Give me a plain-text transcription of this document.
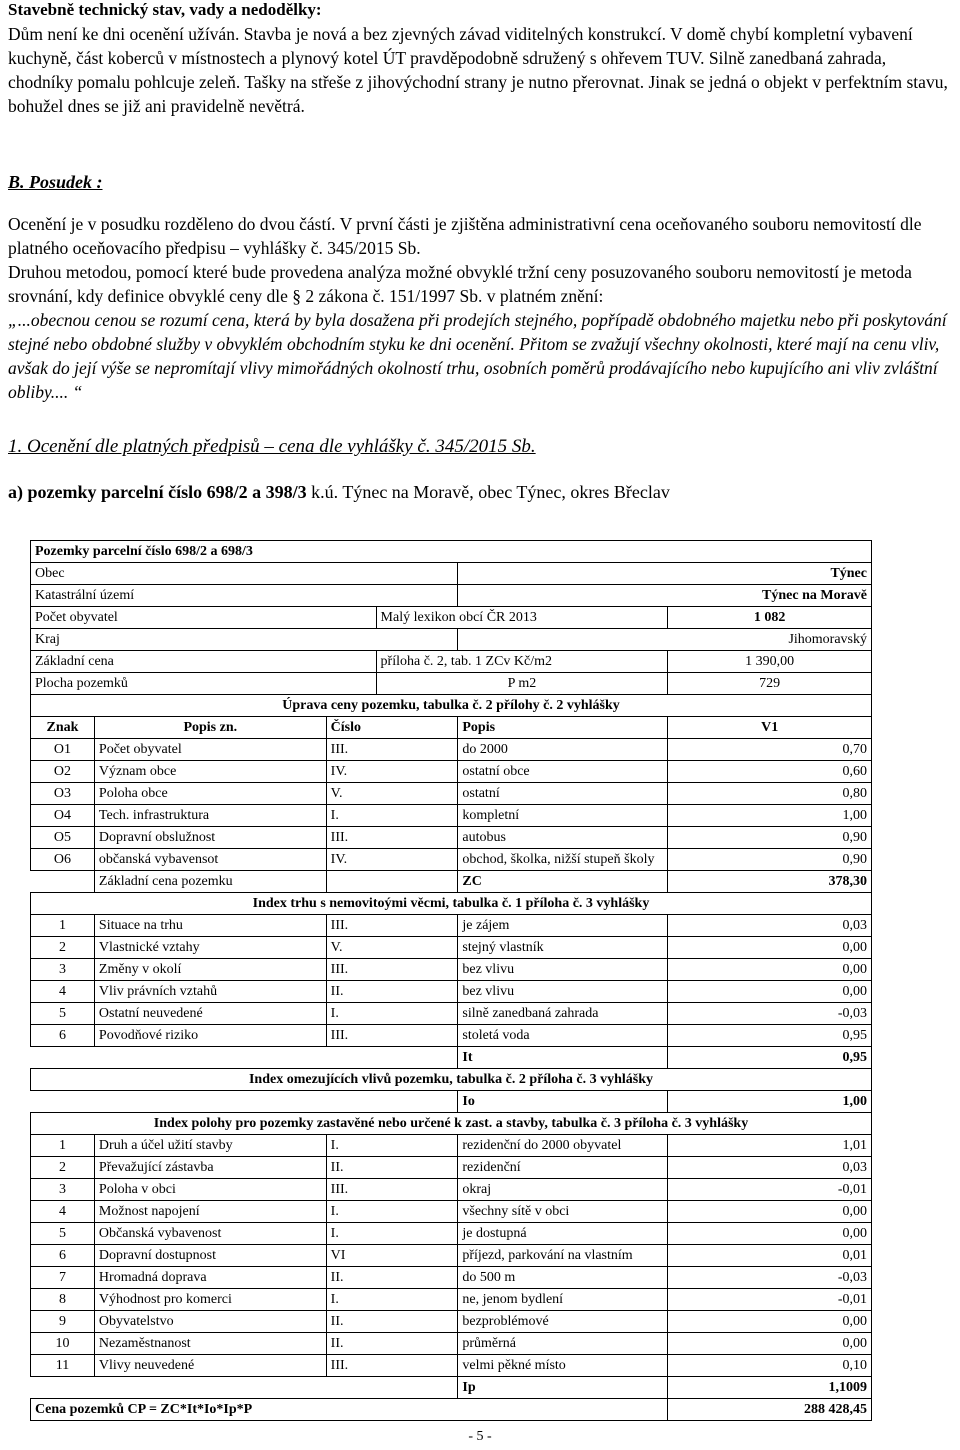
Stavebně technický stav, vady a nedodělky:
Dům není ke dni ocenění užíván. Stavba je nová a bez zjevných závad viditelných konstrukcí. V domě chybí kompletní vybavení kuchyně, část koberců v místnostech a plynový kotel ÚT pravděpodobně sdružený s ohřevem TUV. Silně zanedbaná zahrada, chodníky pomalu pohlcuje zeleň. Tašky na střeše z jihovýchodní strany je nutno přerovnat. Jinak se jedná o objekt v perfektním stavu, bohužel dnes se již ani pravidelně nevětrá.
B. Posudek :
Ocenění je v posudku rozděleno do dvou částí. V první části je zjištěna administrativní cena oceňovaného souboru nemovitostí dle platného oceňovacího předpisu – vyhlášky č. 345/2015 Sb.
Druhou metodou, pomocí které bude provedena analýza možné obvyklé tržní ceny posuzovaného souboru nemovitostí je metoda srovnání, kdy definice obvyklé ceny dle § 2 zákona č. 151/1997 Sb. v platném znění:
„...obecnou cenou se rozumí cena, která by byla dosažena při prodejích stejného, popřípadě obdobného majetku nebo při poskytování stejné nebo obdobné služby v obvyklém obchodním styku ke dni ocenění. Přitom se zvažují všechny okolnosti, které mají na cenu vliv, avšak do její výše se nepromítají vlivy mimořádných okolností trhu, osobních poměrů prodávajícího nebo kupujícího ani vliv zvláštní obliby.... “
1. Ocenění dle platných předpisů – cena dle vyhlášky č. 345/2015 Sb.
a) pozemky parcelní číslo 698/2 a 398/3 k.ú. Týnec na Moravě, obec Týnec, okres Břeclav
Pozemky parcelní číslo 698/2 a 698/3					
Obec				Týnec	
Katastrální území				Týnec na Moravě	
Počet obyvatel			Malý lexikon obcí ČR 2013		1 082
Kraj				Jihomoravský	
Základní cena			příloha č. 2, tab. 1 ZCv Kč/m2		1 390,00
Plocha pozemků			P m2		729
Úprava ceny pozemku, tabulka č. 2 přílohy č. 2 vyhlášky					
Znak	Popis zn.	Číslo		Popis	V1
O1	Počet obyvatel	III.		do 2000	0,70
O2	Význam obce	IV.		ostatní obce	0,60
O3	Poloha obce	V.		ostatní	0,80
O4	Tech. infrastruktura	I.		kompletní	1,00
O5	Dopravní obslužnost	III.		autobus	0,90
O6	občanská vybavensot	IV.		obchod, školka, nižší stupeň školy	0,90
	Základní cena pozemku			ZC	378,30
Index trhu s nemovitoými věcmi, tabulka č. 1 příloha č. 3 vyhlášky					
1	Situace na trhu	III.		je zájem	0,03
2	Vlastnické vztahy	V.		stejný vlastník	0,00
3	Změny v okolí	III.		bez vlivu	0,00
4	Vliv právních vztahů	II.		bez vlivu	0,00
5	Ostatní neuvedené	I.		silně zanedbaná zahrada	-0,03
6	Povodňové riziko	III.		stoletá voda	0,95
				It	0,95
Index omezujících vlivů pozemku, tabulka č. 2 příloha č. 3 vyhlášky					
				Io	1,00
Index polohy pro pozemky zastavěné nebo určené k zast. a stavby, tabulka č. 3 příloha č. 3 vyhlášky					
1	Druh a účel užití stavby	I.		rezidenční do 2000 obyvatel	1,01
2	Převažující zástavba	II.		rezidenční	0,03
3	Poloha v obci	III.		okraj	-0,01
4	Možnost napojení	I.		všechny sítě v obci	0,00
5	Občanská vybavenost	I.		je dostupná	0,00
6	Dopravní dostupnost	VI		příjezd, parkování na vlastním	0,01
7	Hromadná doprava	II.		do 500 m	-0,03
8	Výhodnost pro komerci	I.		ne, jenom bydlení	-0,01
9	Obyvatelstvo	II.		bezproblémové	0,00
10	Nezaměstnanost	II.		průměrná	0,00
11	Vlivy neuvedené	III.		velmi pěkné místo	0,10
				Ip	1,1009
Cena pozemků CP = ZC*It*Io*Ip*P					288 428,45
- 5 -
